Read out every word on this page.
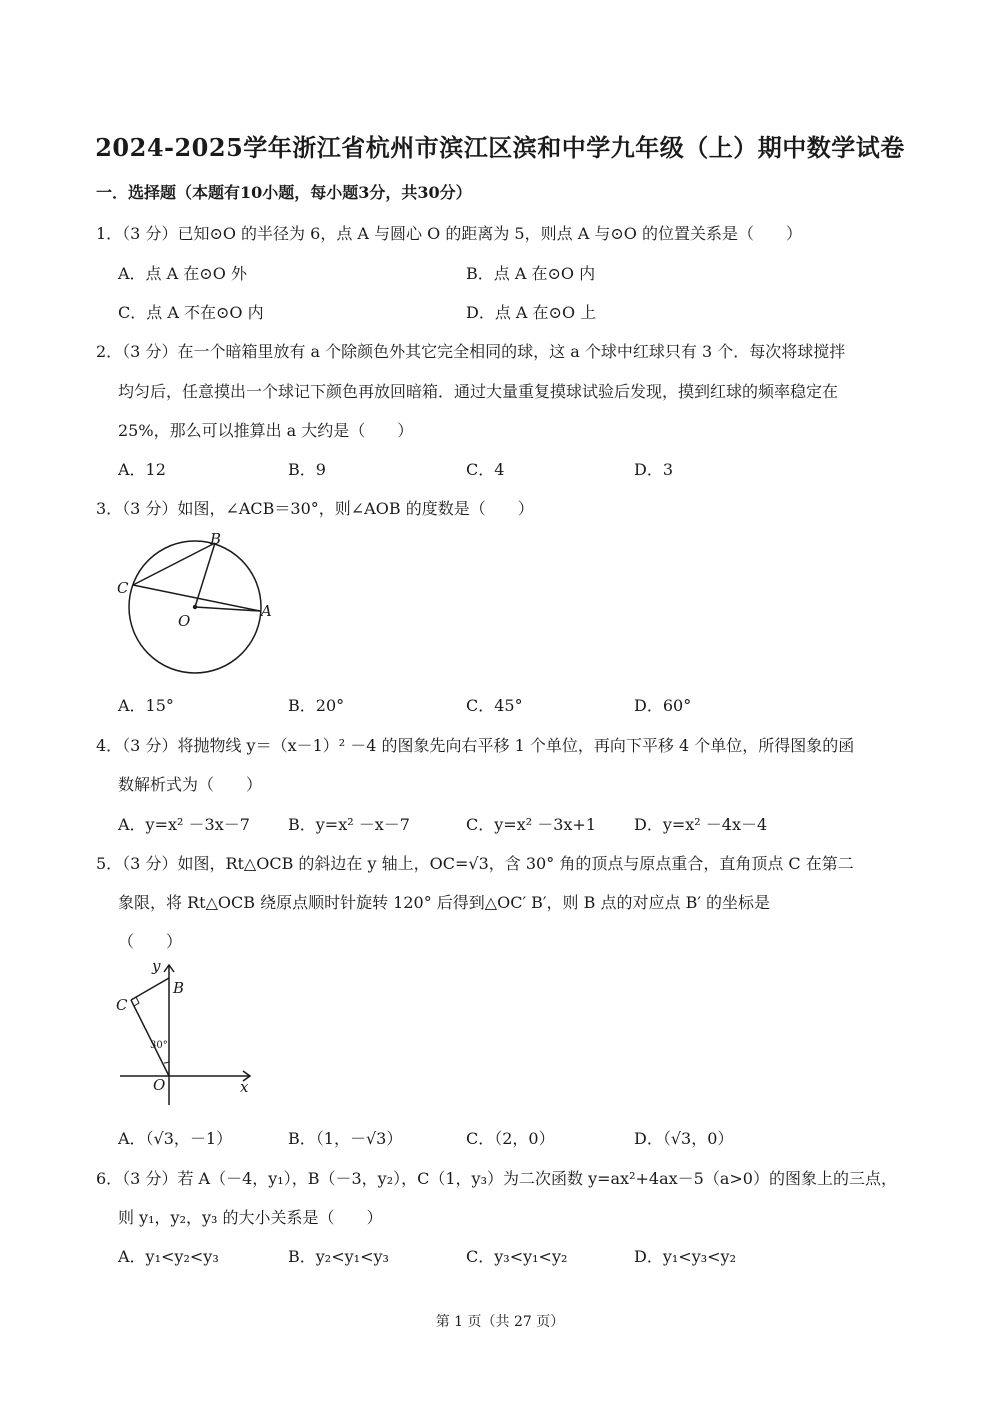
2024-2025学年浙江省杭州市滨江区滨和中学九年级（上）期中数学试卷
一．选择题（本题有10小题，每小题3分，共30分）
1．（3 分）已知⊙O 的半径为 6，点 A 与圆心 O 的距离为 5，则点 A 与⊙O 的位置关系是（　　）
A．点 A 在⊙O 外	B．点 A 在⊙O 内
C．点 A 不在⊙O 内	D．点 A 在⊙O 上
2．（3 分）在一个暗箱里放有 a 个除颜色外其它完全相同的球，这 a 个球中红球只有 3 个．每次将球搅拌
均匀后，任意摸出一个球记下颜色再放回暗箱．通过大量重复摸球试验后发现，摸到红球的频率稳定在
25%，那么可以推算出 a 大约是（　　）
A．12	B．9	C．4	D．3
3．（3 分）如图，∠ACB＝30°，则∠AOB 的度数是（　　）
B
C
O
A
A．15°	B．20°	C．45°	D．60°
4．（3 分）将抛物线 y＝（x－1）² －4 的图象先向右平移 1 个单位，再向下平移 4 个单位，所得图象的函
数解析式为（　　）
A．y=x² －3x－7 B．y=x² －x－7	C．y=x² －3x+1 D．y=x² －4x－4
5．（3 分）如图，Rt△OCB 的斜边在 y 轴上，OC=√3，含 30° 角的顶点与原点重合，直角顶点 C 在第二
象限，将 Rt△OCB 绕原点顺时针旋转 120° 后得到△OC′ B′，则 B 点的对应点 B′ 的坐标是
（　　）
y
B
C
30°
O	x
A．（√3，－1）	B．（1，－√3）	C．（2，0）	D．（√3，0）
6．（3 分）若 A（－4，y₁），B（－3，y₂），C（1，y₃）为二次函数 y=ax²+4ax－5（a>0）的图象上的三点，
则 y₁，y₂，y₃ 的大小关系是（　　）
A．y₁<y₂<y₃	B．y₂<y₁<y₃	C．y₃<y₁<y₂	D．y₁<y₃<y₂
第 1 页（共 27 页）
